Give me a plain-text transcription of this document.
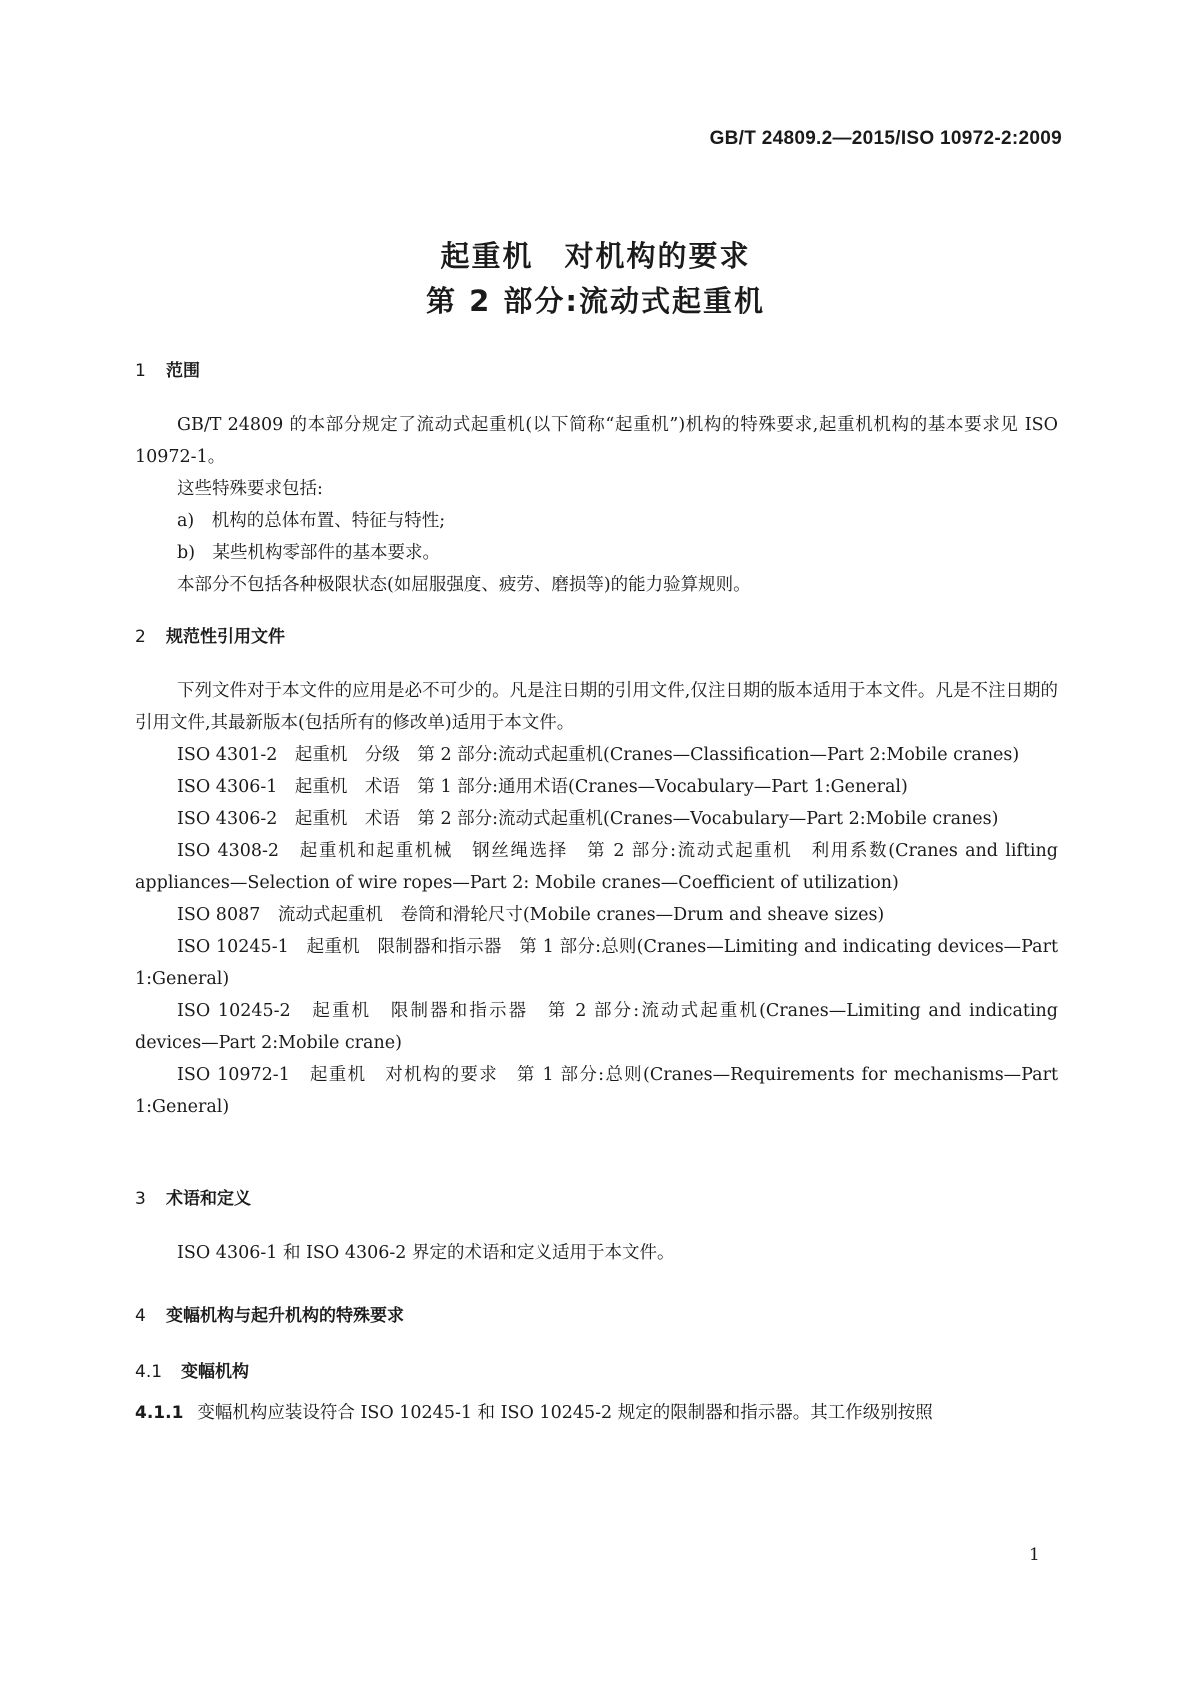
GB/T 24809.2—2015/ISO 10972-2:2009
起重机　对机构的要求
第 2 部分:流动式起重机
1 范围

GB/T 24809 的本部分规定了流动式起重机(以下简称“起重机”)机构的特殊要求,起重机机构的基本要求见 ISO 10972-1。

这些特殊要求包括:

a)　机构的总体布置、特征与特性;

b)　某些机构零部件的基本要求。

本部分不包括各种极限状态(如屈服强度、疲劳、磨损等)的能力验算规则。

2 规范性引用文件

下列文件对于本文件的应用是必不可少的。凡是注日期的引用文件,仅注日期的版本适用于本文件。凡是不注日期的引用文件,其最新版本(包括所有的修改单)适用于本文件。

ISO 4301-2　起重机　分级　第 2 部分:流动式起重机(Cranes—Classification—Part 2:Mobile cranes)

ISO 4306-1　起重机　术语　第 1 部分:通用术语(Cranes—Vocabulary—Part 1:General)

ISO 4306-2　起重机　术语　第 2 部分:流动式起重机(Cranes—Vocabulary—Part 2:Mobile cranes)

ISO 4308-2　起重机和起重机械　钢丝绳选择　第 2 部分:流动式起重机　利用系数(Cranes and lifting appliances—Selection of wire ropes—Part 2: Mobile cranes—Coefficient of utilization)

ISO 8087　流动式起重机　卷筒和滑轮尺寸(Mobile cranes—Drum and sheave sizes)

ISO 10245-1　起重机　限制器和指示器　第 1 部分:总则(Cranes—Limiting and indicating devices—Part 1:General)

ISO 10245-2　起重机　限制器和指示器　第 2 部分:流动式起重机(Cranes—Limiting and indicating devices—Part 2:Mobile crane)

ISO 10972-1　起重机　对机构的要求　第 1 部分:总则(Cranes—Requirements for mechanisms—Part 1:General)

3 术语和定义

ISO 4306-1 和 ISO 4306-2 界定的术语和定义适用于本文件。

4 变幅机构与起升机构的特殊要求
4.1 变幅机构

4.1.1 变幅机构应装设符合 ISO 10245-1 和 ISO 10245-2 规定的限制器和指示器。其工作级别按照

1
